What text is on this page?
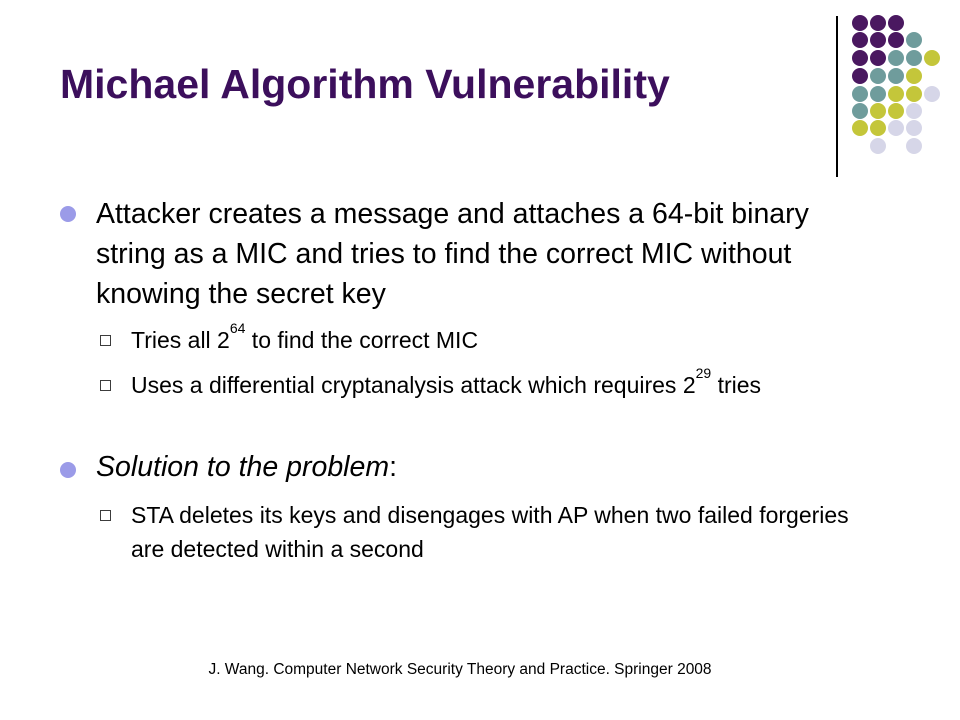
Michael Algorithm Vulnerability
Attacker creates a message and attaches a 64-bit binary string as a MIC and tries to find the correct MIC without knowing the secret key
Tries all $2^{64}$ to find the correct MIC
Uses a differential cryptanalysis attack which requires $2^{29}$ tries
Solution to the problem:
STA deletes its keys and disengages with AP when two failed forgeries are detected within a second
J. Wang. Computer Network Security Theory and Practice. Springer 2008
